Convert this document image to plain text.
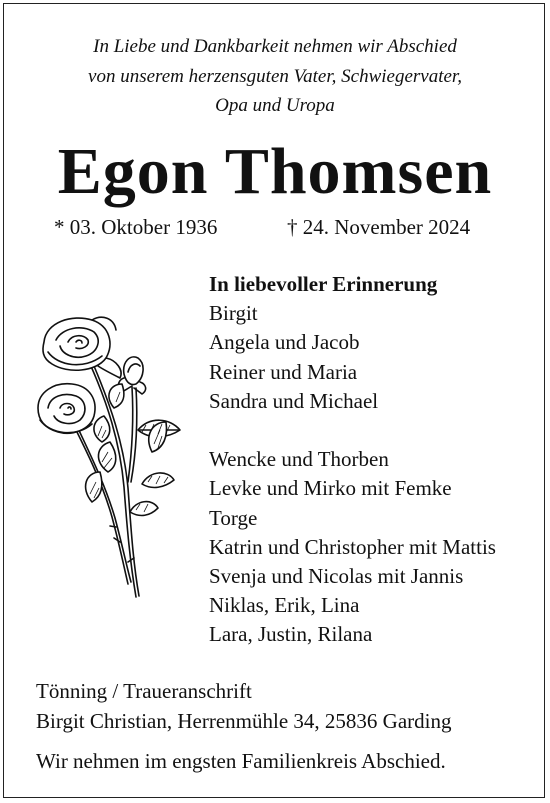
In Liebe und Dankbarkeit nehmen wir Abschied
von unserem herzensguten Vater, Schwiegervater,
Opa und Uropa
Egon Thomsen
* 03. Oktober 1936	† 24. November 2024
In liebevoller Erinnerung
Birgit
Angela und Jacob
Reiner und Maria
Sandra und Michael
Wencke und Thorben
Levke und Mirko mit Femke
Torge
Katrin und Christopher mit Mattis
Svenja und Nicolas mit Jannis
Niklas, Erik, Lina
Lara, Justin, Rilana
Tönning / Traueranschrift
Birgit Christian, Herrenmühle 34, 25836 Garding
Wir nehmen im engsten Familienkreis Abschied.
